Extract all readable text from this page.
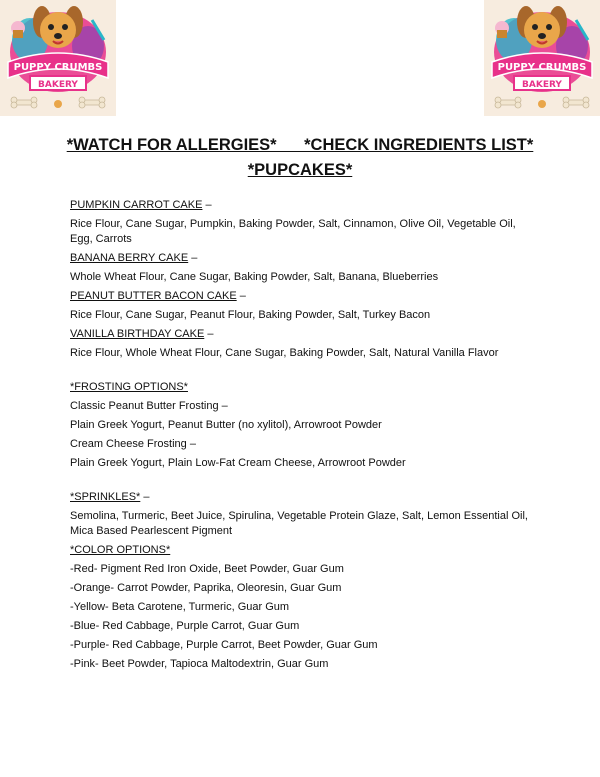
PUPPY CRUMBS
BAKERY
PUPPY CRUMBS
BAKERY
*WATCH FOR ALLERGIES*      *CHECK INGREDIENTS LIST*
*PUPCAKES*
PUMPKIN CARROT CAKE –
Rice Flour, Cane Sugar, Pumpkin, Baking Powder, Salt, Cinnamon, Olive Oil, Vegetable Oil, Egg, Carrots
BANANA BERRY CAKE –
Whole Wheat Flour, Cane Sugar, Baking Powder, Salt, Banana, Blueberries
PEANUT BUTTER BACON CAKE –
Rice Flour, Cane Sugar, Peanut Flour, Baking Powder, Salt, Turkey Bacon
VANILLA BIRTHDAY CAKE –
Rice Flour, Whole Wheat Flour, Cane Sugar, Baking Powder, Salt, Natural Vanilla Flavor
*FROSTING OPTIONS*
Classic Peanut Butter Frosting –
Plain Greek Yogurt, Peanut Butter (no xylitol), Arrowroot Powder
Cream Cheese Frosting –
Plain Greek Yogurt, Plain Low-Fat Cream Cheese, Arrowroot Powder
*SPRINKLES* –
Semolina, Turmeric, Beet Juice, Spirulina, Vegetable Protein Glaze, Salt, Lemon Essential Oil, Mica Based Pearlescent Pigment
*COLOR OPTIONS*
-Red- Pigment Red Iron Oxide, Beet Powder, Guar Gum
-Orange- Carrot Powder, Paprika, Oleoresin, Guar Gum
-Yellow- Beta Carotene, Turmeric, Guar Gum
-Blue- Red Cabbage, Purple Carrot, Guar Gum
-Purple- Red Cabbage, Purple Carrot, Beet Powder, Guar Gum
-Pink- Beet Powder, Tapioca Maltodextrin, Guar Gum
